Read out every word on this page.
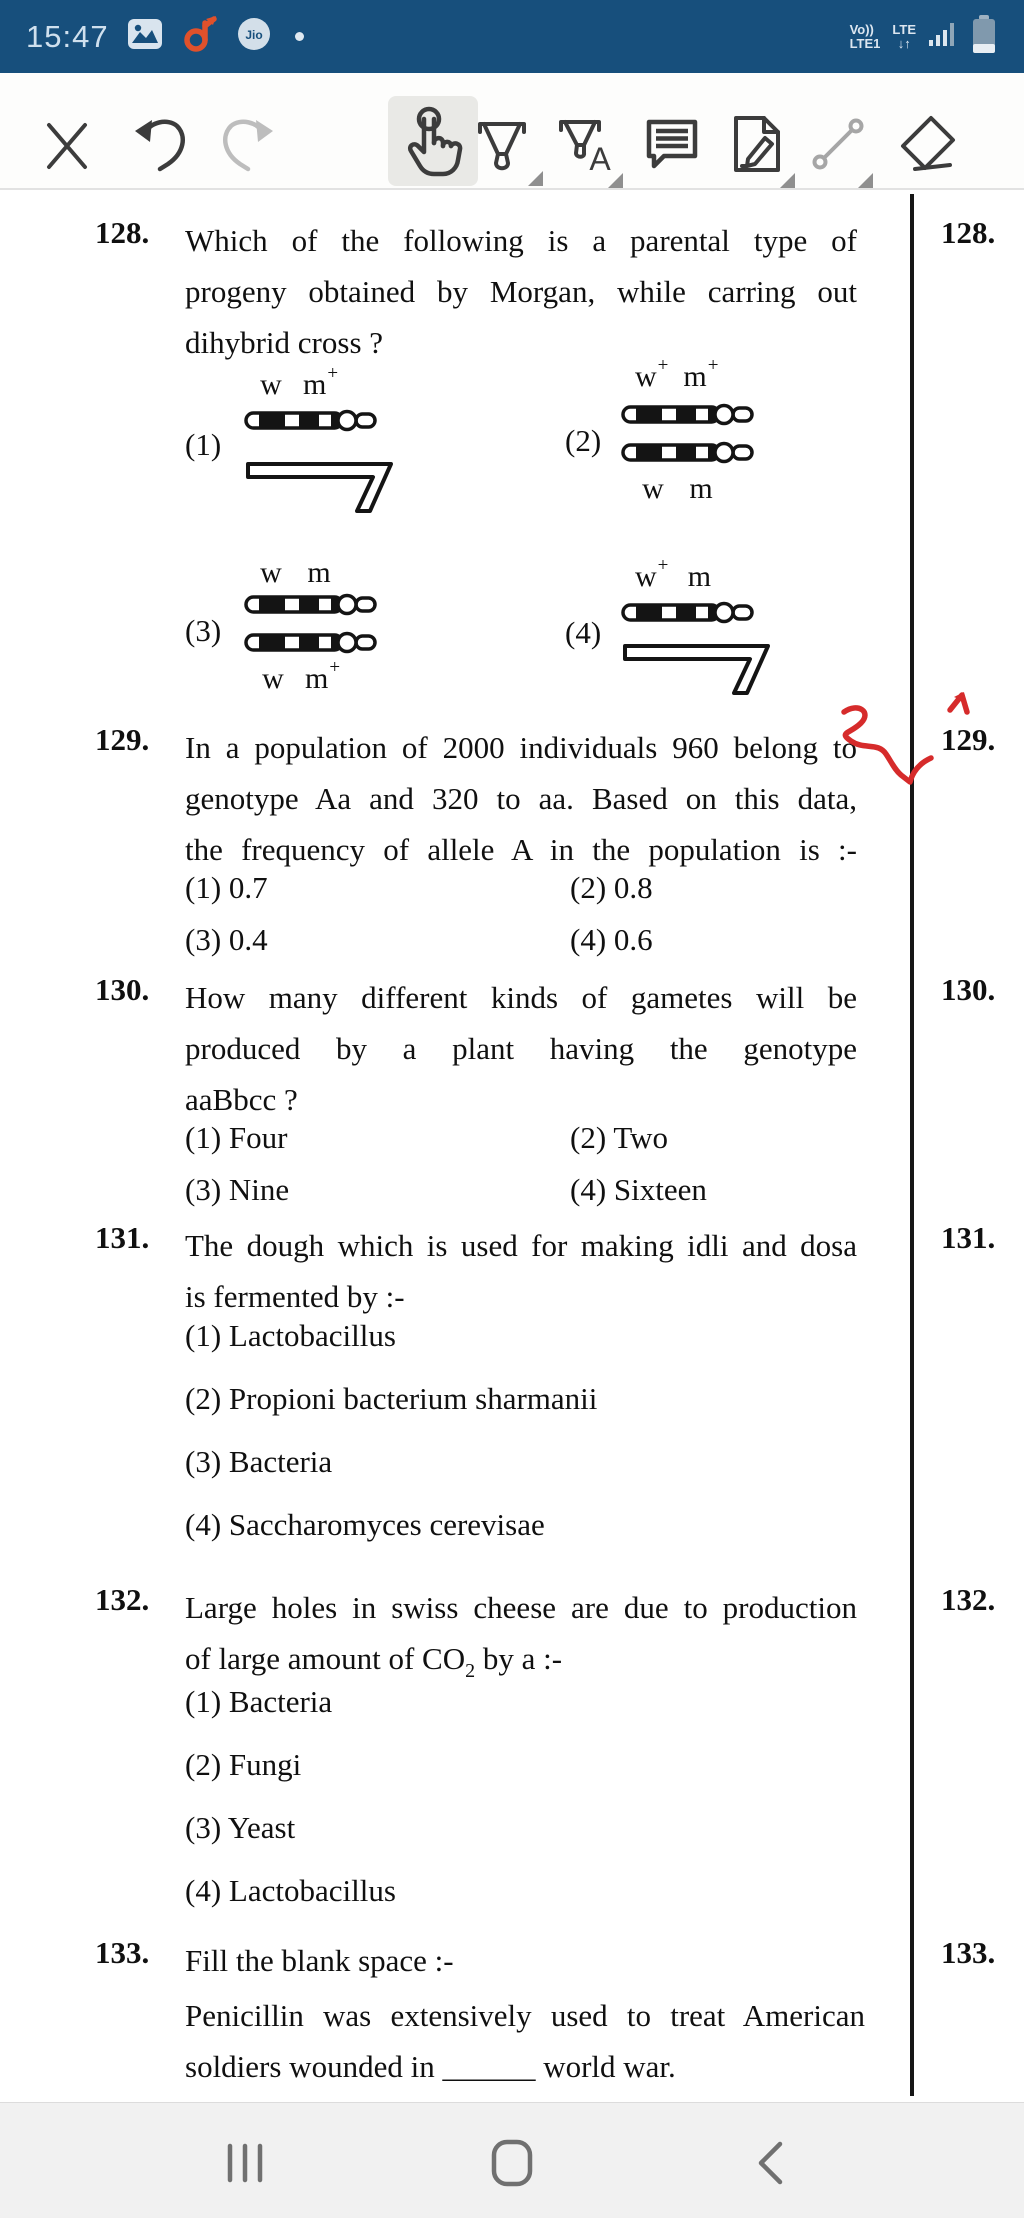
15:47	Jio	Vo))
LTE1
LTE
↓↑
A
128. Which of the following is a parental type of
progeny obtained by Morgan, while carring out
dihybrid cross ?
128.
(1)
w m+
(2)
w+ m+
w m
(3)
w m
w m+
(4)
w+ m
129. In a population of 2000 individuals 960 belong to
genotype Aa and 320 to aa. Based on this data,
the frequency of allele A in the population is :-
(1) 0.7	(2) 0.8
(3) 0.4	(4) 0.6
129.
130. How many different kinds of gametes will be
produced by a plant having the genotype
aaBbcc ?
(1) Four	(2) Two
(3) Nine	(4) Sixteen
130.
131. The dough which is used for making idli and dosa
is fermented by :-
(1) Lactobacillus
(2) Propioni bacterium sharmanii
(3) Bacteria
(4) Saccharomyces cerevisae
131.
132. Large holes in swiss cheese are due to production
of large amount of $CO_2$ by a :-
(1) Bacteria
(2) Fungi
(3) Yeast
(4) Lactobacillus
132.
133. Fill the blank space :-
Penicillin was extensively used to treat American
soldiers wounded in ______ world war.
133.
